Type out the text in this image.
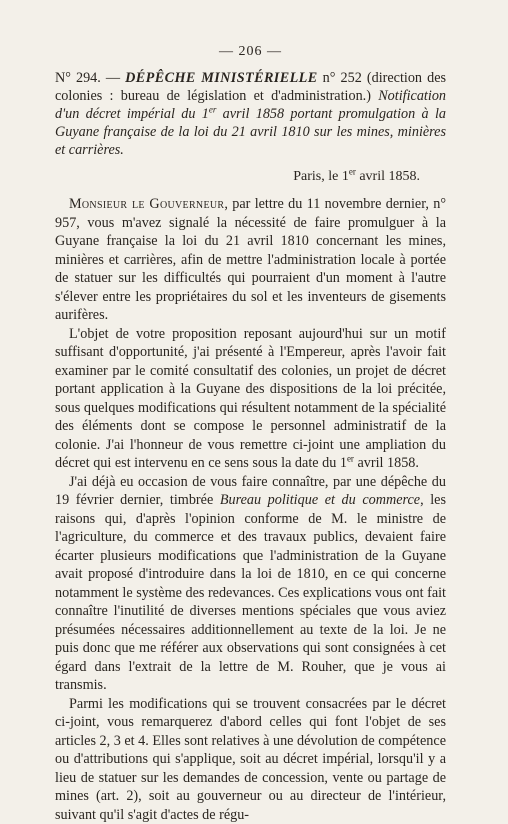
— 206 —
N° 294. — DÉPÊCHE MINISTÉRIELLE n° 252 (direction des colonies : bureau de législation et d'administration.) Notification d'un décret impérial du 1er avril 1858 portant promulgation à la Guyane française de la loi du 21 avril 1810 sur les mines, minières et carrières.
Paris, le 1er avril 1858.

Monsieur le Gouverneur, par lettre du 11 novembre dernier, n° 957, vous m'avez signalé la nécessité de faire promulguer à la Guyane française la loi du 21 avril 1810 concernant les mines, minières et carrières, afin de mettre l'administration locale à portée de statuer sur les difficultés qui pourraient d'un moment à l'autre s'élever entre les propriétaires du sol et les inventeurs de gisements aurifères.

L'objet de votre proposition reposant aujourd'hui sur un motif suffisant d'opportunité, j'ai présenté à l'Empereur, après l'avoir fait examiner par le comité consultatif des colonies, un projet de décret portant application à la Guyane des dispositions de la loi précitée, sous quelques modifications qui résultent notamment de la spécialité des éléments dont se compose le personnel administratif de la colonie. J'ai l'honneur de vous remettre ci-joint une ampliation du décret qui est intervenu en ce sens sous la date du 1er avril 1858.

J'ai déjà eu occasion de vous faire connaître, par une dépêche du 19 février dernier, timbrée Bureau politique et du commerce, les raisons qui, d'après l'opinion conforme de M. le ministre de l'agriculture, du commerce et des travaux publics, devaient faire écarter plusieurs modifications que l'administration de la Guyane avait proposé d'introduire dans la loi de 1810, en ce qui concerne notamment le système des redevances. Ces explications vous ont fait connaître l'inutilité de diverses mentions spéciales que vous aviez présumées nécessaires additionnellement au texte de la loi. Je ne puis donc que me référer aux observations qui sont consignées à cet égard dans l'extrait de la lettre de M. Rouher, que je vous ai transmis.

Parmi les modifications qui se trouvent consacrées par le décret ci-joint, vous remarquerez d'abord celles qui font l'objet de ses articles 2, 3 et 4. Elles sont relatives à une dévolution de compétence ou d'attributions qui s'applique, soit au décret impérial, lorsqu'il y a lieu de statuer sur les demandes de concession, vente ou partage de mines (art. 2), soit au gouverneur ou au directeur de l'intérieur, suivant qu'il s'agit d'actes de régu-
